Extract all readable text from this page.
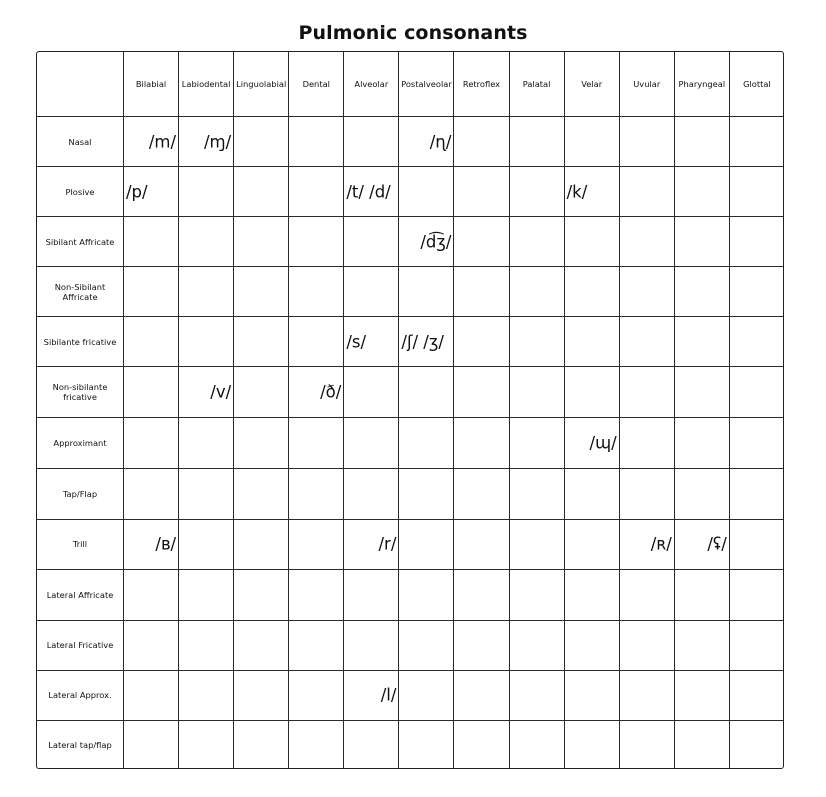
Pulmonic consonants
	Bilabial	Labiodental	Linguolabial	Dental	Alveolar	Postalveolar	Retroflex	Palatal	Velar	Uvular	Pharyngeal	Glottal
Nasal	/m/	/ɱ/				/ɳ/						

Plosive	/p/				/t/ /d/				/k/			

Sibilant Affricate						/d͡ʒ/						

Non-Sibilant Affricate												
Sibilante fricative					/s/	/ʃ/ /ʒ/						

Non-sibilante fricative		/v/		/ð/								

Approximant									/ɰ/			

Tap/Flap												
Trill	/ʙ/				/r/					/ʀ/	/ʢ/	

Lateral Affricate												
Lateral Fricative												
Lateral Approx.					/l/							

Lateral tap/flap												
